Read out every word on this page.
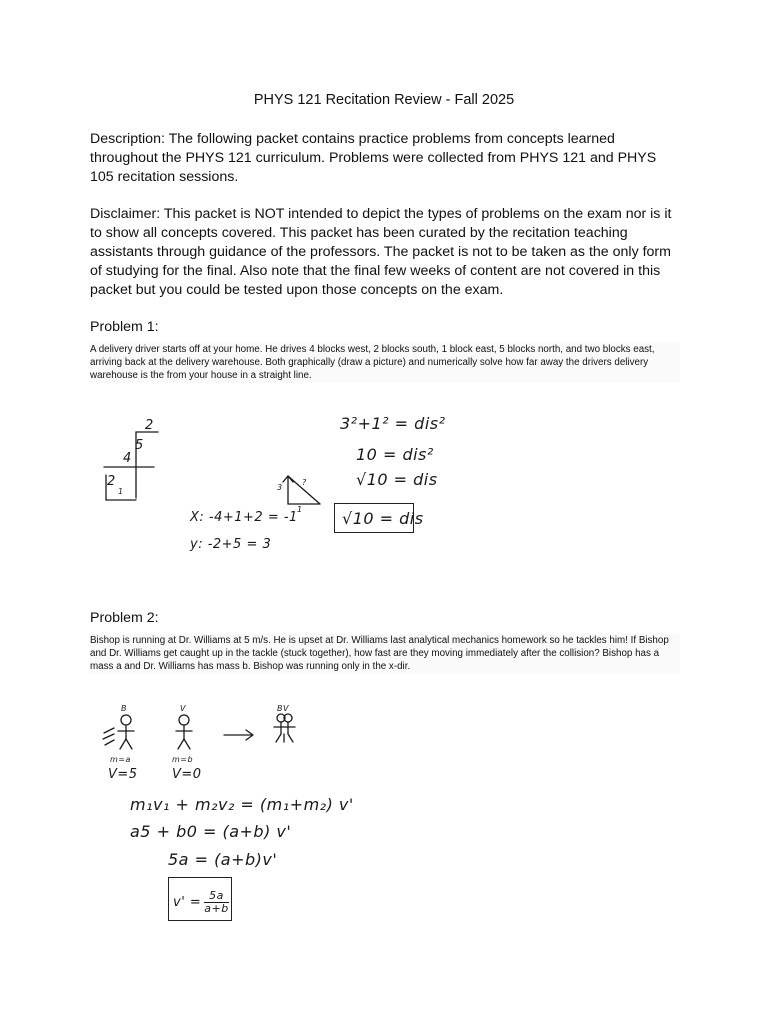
PHYS 121 Recitation Review - Fall 2025

Description: The following packet contains practice problems from concepts learned throughout the PHYS 121 curriculum. Problems were collected from PHYS 121 and PHYS 105 recitation sessions.

Disclaimer: This packet is NOT intended to depict the types of problems on the exam nor is it to show all concepts covered. This packet has been curated by the recitation teaching assistants through guidance of the professors. The packet is not to be taken as the only form of studying for the final. Also note that the final few weeks of content are not covered in this packet but you could be tested upon those concepts on the exam.

Problem 1:

A delivery driver starts off at your home. He drives 4 blocks west, 2 blocks south, 1 block east, 5 blocks north, and two blocks east, arriving back at the delivery warehouse. Both graphically (draw a picture) and numerically solve how far away the drivers delivery warehouse is the from your house in a straight line.

2
5
4
2
1	3
?
1
X: -4+1+2 = -1
y: -2+5 = 3
3²+1² = dis²
10 = dis²
√10 = dis
√10 = dis

Problem 2:

Bishop is running at Dr. Williams at 5 m/s. He is upset at Dr. Williams last analytical mechanics homework so he tackles him! If Bishop and Dr. Williams get caught up in the tackle (stuck together), how fast are they moving immediately after the collision? Bishop has a mass a and Dr. Williams has mass b. Bishop was running only in the x-dir.

B	V	BV
m=a	m=b
V=5	V=0
m₁v₁ + m₂v₂ = (m₁+m₂) v'
a5 + b0 = (a+b) v'
5a = (a+b)v'
$v' = \frac{5a}{a+b}$
